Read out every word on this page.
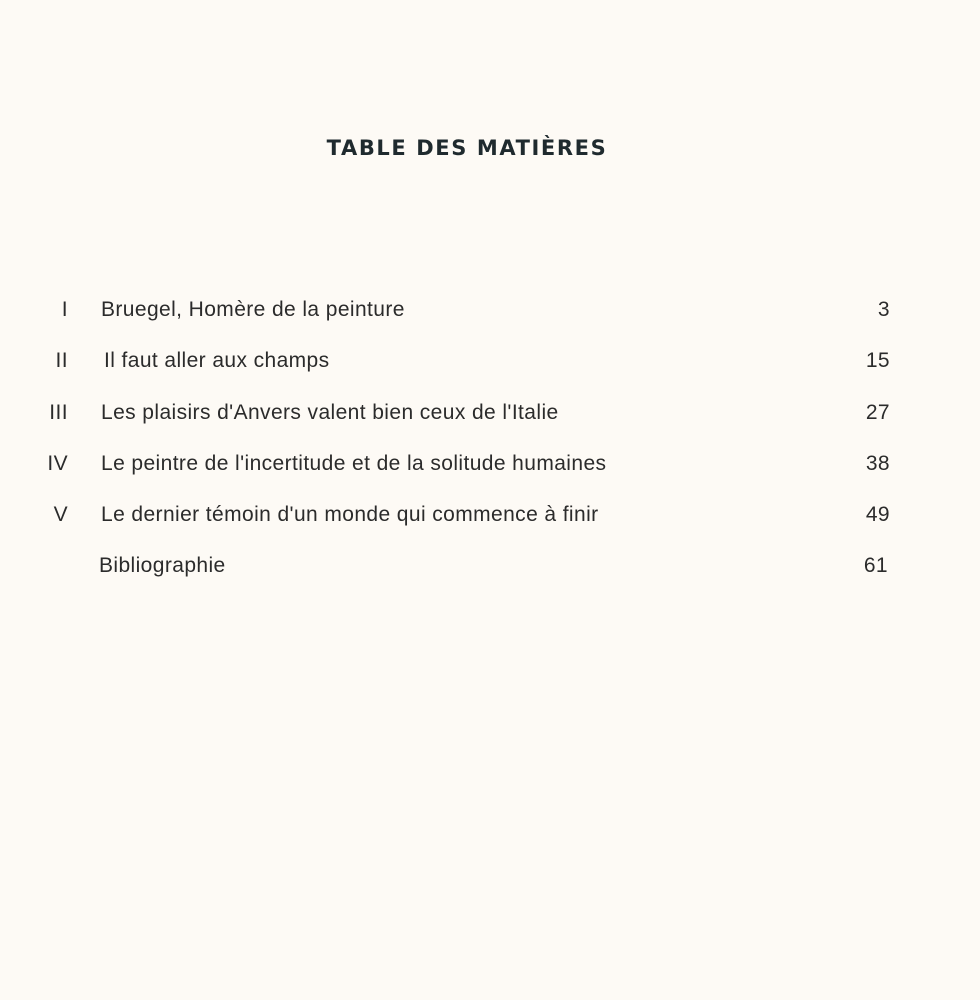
TABLE DES MATIÈRES
I Bruegel, Homère de la peinture	3
II Il faut aller aux champs	15
III Les plaisirs d'Anvers valent bien ceux de l'Italie	27
IV Le peintre de l'incertitude et de la solitude humaines	38
V Le dernier témoin d'un monde qui commence à finir	49
Bibliographie	61
